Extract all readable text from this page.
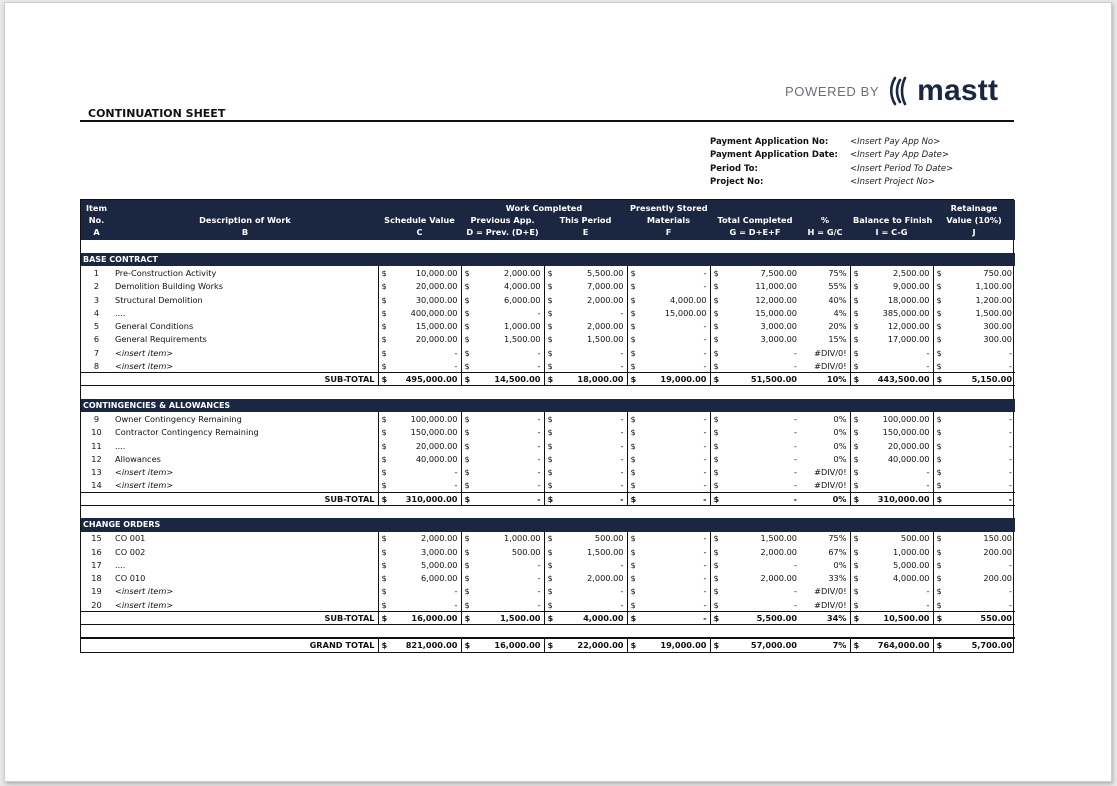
POWERED BY mastt
CONTINUATION SHEET
Payment Application No:	<Insert Pay App No>
Payment Application Date:	<Insert Pay App Date>
Period To:	<Insert Period To Date>
Project No:	<Insert Project No>
Item			Work Completed		Presently Stored				Retainage
No.	Description of Work	Schedule Value	Previous App.	This Period	Materials	Total Completed	%	Balance to Finish	Value (10%)
A	B	C	D = Prev. (D+E)	E	F	G = D+E+F	H = G/C	I = C-G	J

BASE CONTRACT									
1	Pre-Construction Activity	$ 10,000.00	$ 2,000.00	$ 5,500.00	$ -	$ 7,500.00	75%	$ 2,500.00	$ 750.00

2	Demolition Building Works	$ 20,000.00	$ 4,000.00	$ 7,000.00	$ -	$ 11,000.00	55%	$ 9,000.00	$ 1,100.00

3	Structural Demolition	$ 30,000.00	$ 6,000.00	$ 2,000.00	$ 4,000.00	$ 12,000.00	40%	$ 18,000.00	$ 1,200.00

4	....	$ 400,000.00	$ -	$ -	$ 15,000.00	$ 15,000.00	4%	$ 385,000.00	$ 1,500.00

5	General Conditions	$ 15,000.00	$ 1,000.00	$ 2,000.00	$ -	$ 3,000.00	20%	$ 12,000.00	$ 300.00

6	General Requirements	$ 20,000.00	$ 1,500.00	$ 1,500.00	$ -	$ 3,000.00	15%	$ 17,000.00	$ 300.00

7	<insert item>	$ -	$ -	$ -	$ -	$ -	#DIV/0!	$ -	$ -

8	<insert item>	$ -	$ -	$ -	$ -	$ -	#DIV/0!	$ -	$ -

	SUB-TOTAL	$ 495,000.00	$ 14,500.00	$ 18,000.00	$ 19,000.00	$ 51,500.00	10%	$ 443,500.00	$ 5,150.00

CONTINGENCIES & ALLOWANCES									
9	Owner Contingency Remaining	$ 100,000.00	$ -	$ -	$ -	$ -	0%	$ 100,000.00	$ -

10	Contractor Contingency Remaining	$ 150,000.00	$ -	$ -	$ -	$ -	0%	$ 150,000.00	$ -

11	....	$ 20,000.00	$ -	$ -	$ -	$ -	0%	$ 20,000.00	$ -

12	Allowances	$ 40,000.00	$ -	$ -	$ -	$ -	0%	$ 40,000.00	$ -

13	<insert item>	$ -	$ -	$ -	$ -	$ -	#DIV/0!	$ -	$ -

14	<insert item>	$ -	$ -	$ -	$ -	$ -	#DIV/0!	$ -	$ -

	SUB-TOTAL	$ 310,000.00	$ -	$ -	$ -	$ -	0%	$ 310,000.00	$ -

CHANGE ORDERS									
15	CO 001	$ 2,000.00	$ 1,000.00	$ 500.00	$ -	$ 1,500.00	75%	$ 500.00	$ 150.00

16	CO 002	$ 3,000.00	$ 500.00	$ 1,500.00	$ -	$ 2,000.00	67%	$ 1,000.00	$ 200.00

17	....	$ 5,000.00	$ -	$ -	$ -	$ -	0%	$ 5,000.00	$ -

18	CO 010	$ 6,000.00	$ -	$ 2,000.00	$ -	$ 2,000.00	33%	$ 4,000.00	$ 200.00

19	<insert item>	$ -	$ -	$ -	$ -	$ -	#DIV/0!	$ -	$ -

20	<insert item>	$ -	$ -	$ -	$ -	$ -	#DIV/0!	$ -	$ -

	SUB-TOTAL	$ 16,000.00	$ 1,500.00	$ 4,000.00	$ -	$ 5,500.00	34%	$ 10,500.00	$ 550.00

	GRAND TOTAL	$ 821,000.00	$ 16,000.00	$ 22,000.00	$ 19,000.00	$ 57,000.00	7%	$ 764,000.00	$ 5,700.00
